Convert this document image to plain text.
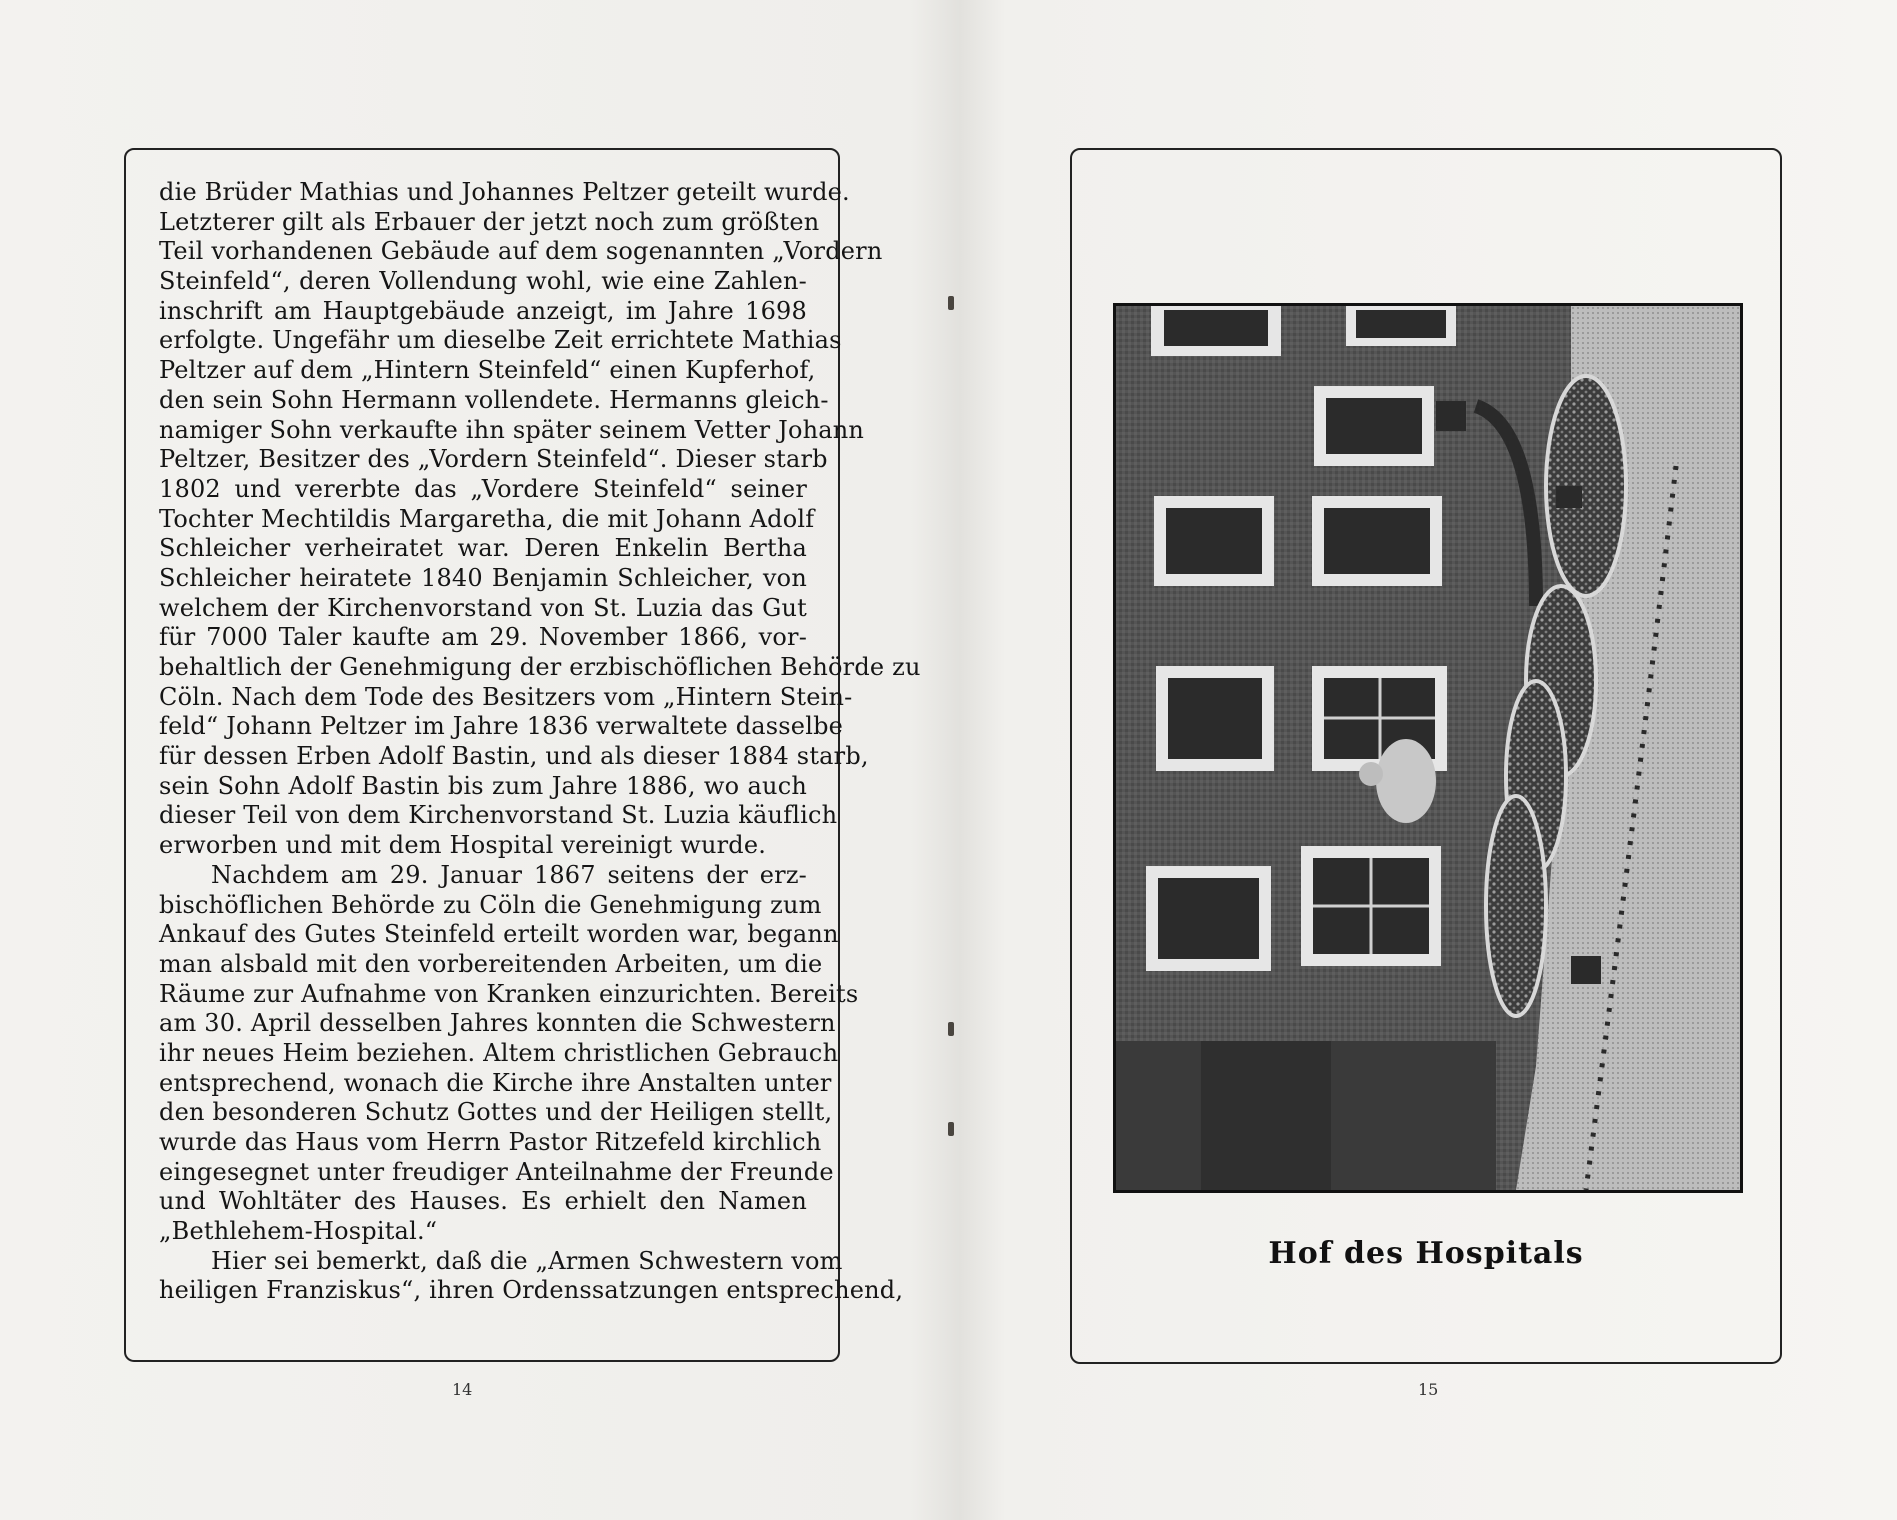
die Brüder Mathias und Johannes Peltzer geteilt wurde.
Letzterer gilt als Erbauer der jetzt noch zum größten
Teil vorhandenen Gebäude auf dem sogenannten „Vordern
Steinfeld“, deren Vollendung wohl, wie eine Zahlen-
inschrift am Hauptgebäude anzeigt, im Jahre 1698
erfolgte. Ungefähr um dieselbe Zeit errichtete Mathias
Peltzer auf dem „Hintern Steinfeld“ einen Kupferhof,
den sein Sohn Hermann vollendete. Hermanns gleich-
namiger Sohn verkaufte ihn später seinem Vetter Johann
Peltzer, Besitzer des „Vordern Steinfeld“. Dieser starb
1802 und vererbte das „Vordere Steinfeld“ seiner
Tochter Mechtildis Margaretha, die mit Johann Adolf
Schleicher verheiratet war. Deren Enkelin Bertha
Schleicher heiratete 1840 Benjamin Schleicher, von
welchem der Kirchenvorstand von St. Luzia das Gut
für 7000 Taler kaufte am 29. November 1866, vor-
behaltlich der Genehmigung der erzbischöflichen Behörde zu
Cöln. Nach dem Tode des Besitzers vom „Hintern Stein-
feld“ Johann Peltzer im Jahre 1836 verwaltete dasselbe
für dessen Erben Adolf Bastin, und als dieser 1884 starb,
sein Sohn Adolf Bastin bis zum Jahre 1886, wo auch
dieser Teil von dem Kirchenvorstand St. Luzia käuflich
erworben und mit dem Hospital vereinigt wurde.
Nachdem am 29. Januar 1867 seitens der erz-
bischöflichen Behörde zu Cöln die Genehmigung zum
Ankauf des Gutes Steinfeld erteilt worden war, begann
man alsbald mit den vorbereitenden Arbeiten, um die
Räume zur Aufnahme von Kranken einzurichten. Bereits
am 30. April desselben Jahres konnten die Schwestern
ihr neues Heim beziehen. Altem christlichen Gebrauch
entsprechend, wonach die Kirche ihre Anstalten unter
den besonderen Schutz Gottes und der Heiligen stellt,
wurde das Haus vom Herrn Pastor Ritzefeld kirchlich
eingesegnet unter freudiger Anteilnahme der Freunde
und Wohltäter des Hauses. Es erhielt den Namen
„Bethlehem-Hospital.“
Hier sei bemerkt, daß die „Armen Schwestern vom
heiligen Franziskus“, ihren Ordenssatzungen entsprechend,
14
Hof des Hospitals
15
